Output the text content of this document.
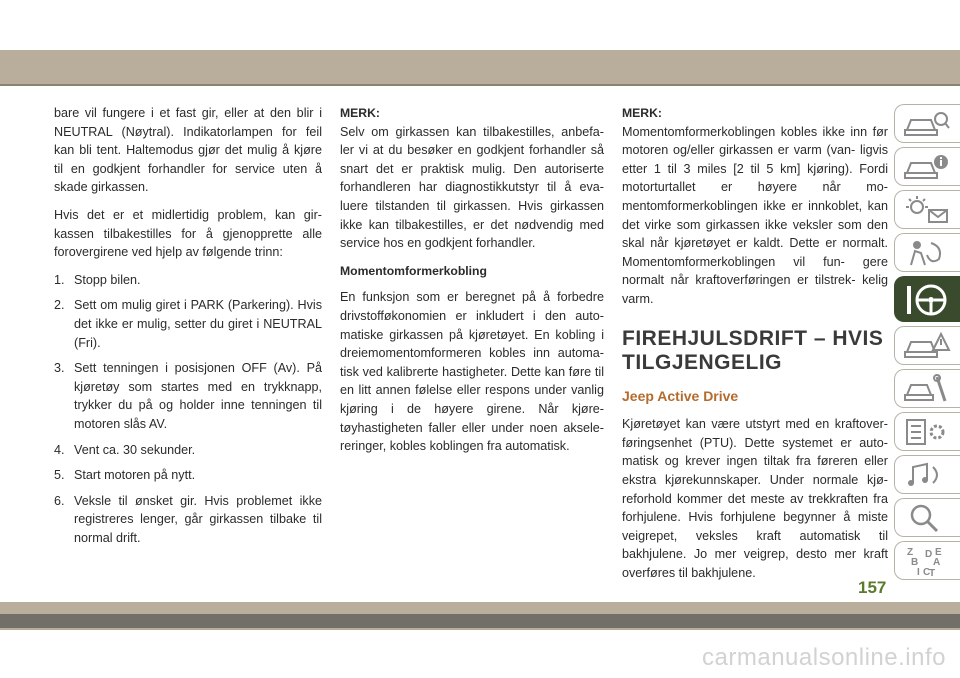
bare vil fungere i et fast gir, eller at den blir i NEUTRAL (Nøytral). Indikatorlampen for feil kan bli tent. Haltemodus gjør det mulig å kjøre til en godkjent forhandler for service uten å skade girkassen.

Hvis det er et midlertidig problem, kan gir- kassen tilbakestilles for å gjenopprette alle forovergirene ved hjelp av følgende trinn:

1. Stopp bilen.
2. Sett om mulig giret i PARK (Parkering). Hvis det ikke er mulig, setter du giret i NEUTRAL (Fri).
3. Sett tenningen i posisjonen OFF (Av). På kjøretøy som startes med en trykknapp, trykker du på og holder inne tenningen til motoren slås AV.
4. Vent ca. 30 sekunder.
5. Start motoren på nytt.
6. Veksle til ønsket gir. Hvis problemet ikke registreres lenger, går girkassen tilbake til normal drift.

MERK:
Selv om girkassen kan tilbakestilles, anbefa- ler vi at du besøker en godkjent forhandler så snart det er praktisk mulig. Den autoriserte forhandleren har diagnostikkutstyr til å eva- luere tilstanden til girkassen. Hvis girkassen ikke kan tilbakestilles, er det nødvendig med service hos en godkjent forhandler.

Momentomformerkobling

En funksjon som er beregnet på å forbedre drivstofføkonomien er inkludert i den auto- matiske girkassen på kjøretøyet. En kobling i dreiemomentomformeren kobles inn automa- tisk ved kalibrerte hastigheter. Dette kan føre til en litt annen følelse eller respons under vanlig kjøring i de høyere girene. Når kjøre- tøyhastigheten faller eller under noen aksele- reringer, kobles koblingen fra automatisk.

MERK:
Momentomformerkoblingen kobles ikke inn før motoren og/eller girkassen er varm (van- ligvis etter 1 til 3 miles [2 til 5 km] kjøring). Fordi motorturtallet er høyere når mo- mentomformerkoblingen ikke er innkoblet, kan det virke som girkassen ikke veksler som den skal når kjøretøyet er kaldt. Dette er normalt. Momentomformerkoblingen vil fun- gere normalt når kraftoverføringen er tilstrek- kelig varm.

FIREHJULSDRIFT – HVIS
TILGJENGELIG
Jeep Active Drive

Kjøretøyet kan være utstyrt med en kraftover- føringsenhet (PTU). Dette systemet er auto- matisk og krever ingen tiltak fra føreren eller ekstra kjørekunnskaper. Under normale kjø- reforhold kommer det meste av trekkraften fra forhjulene. Hvis forhjulene begynner å miste veigrepet, veksles kraft automatisk til bakhjulene. Jo mer veigrep, desto mer kraft overføres til bakhjulene.

Z E
B A
I C
D
T
157
carmanualsonline.info
